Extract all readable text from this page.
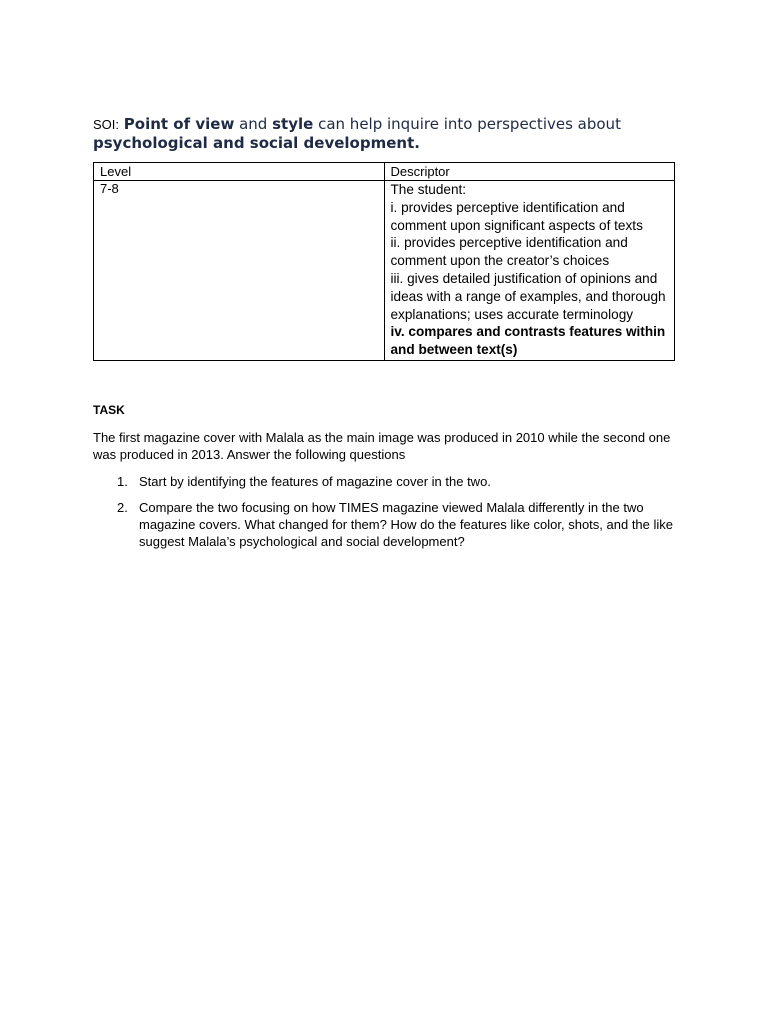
SOI: Point of view and style can help inquire into perspectives about psychological and social development.
Level	Descriptor
7-8	The student:
i. provides perceptive identification and comment upon significant aspects of texts
ii. provides perceptive identification and comment upon the creator’s choices
iii. gives detailed justification of opinions and ideas with a range of examples, and thorough explanations; uses accurate terminology
iv. compares and contrasts features within and between text(s)
TASK
The first magazine cover with Malala as the main image was produced in 2010 while the second one was produced in 2013. Answer the following questions
1. Start by identifying the features of magazine cover in the two.
2. Compare the two focusing on how TIMES magazine viewed Malala differently in the two magazine covers. What changed for them? How do the features like color, shots, and the like suggest Malala’s psychological and social development?
